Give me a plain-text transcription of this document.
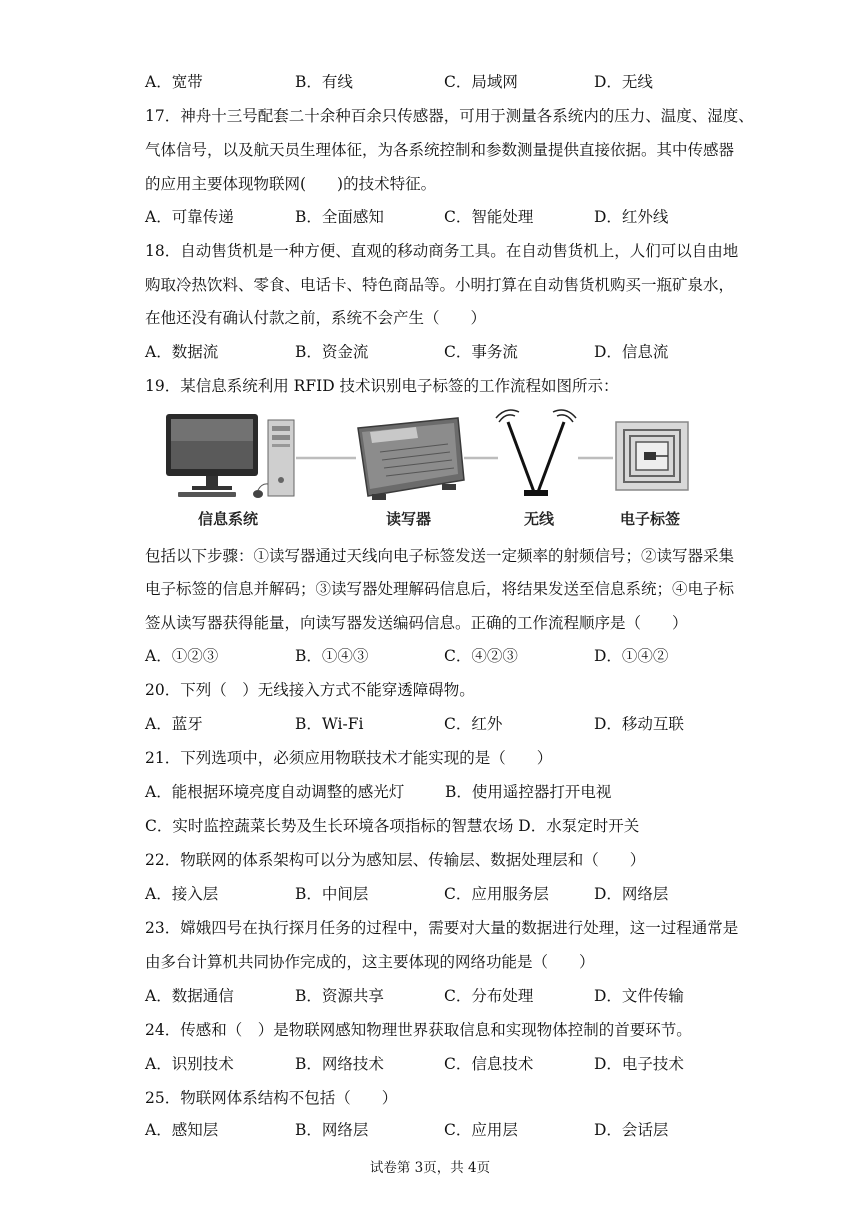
A．宽带	B．有线	C．局域网	D．无线
17．神舟十三号配套二十余种百余只传感器，可用于测量各系统内的压力、温度、湿度、
气体信号，以及航天员生理体征，为各系统控制和参数测量提供直接依据。其中传感器
的应用主要体现物联网(　　)的技术特征。
A．可靠传递	B．全面感知	C．智能处理	D．红外线
18．自动售货机是一种方便、直观的移动商务工具。在自动售货机上，人们可以自由地
购取冷热饮料、零食、电话卡、特色商品等。小明打算在自动售货机购买一瓶矿泉水，
在他还没有确认付款之前，系统不会产生（　　）
A．数据流	B．资金流	C．事务流	D．信息流
19．某信息系统利用 RFID 技术识别电子标签的工作流程如图所示：
信息系统	读写器	无线	电子标签
包括以下步骤：①读写器通过天线向电子标签发送一定频率的射频信号；②读写器采集
电子标签的信息并解码；③读写器处理解码信息后，将结果发送至信息系统；④电子标
签从读写器获得能量，向读写器发送编码信息。正确的工作流程顺序是（　　）
A．①②③	B．①④③	C．④②③	D．①④②
20．下列（　）无线接入方式不能穿透障碍物。
A．蓝牙	B．Wi-Fi	C．红外	D．移动互联
21．下列选项中，必须应用物联技术才能实现的是（　　）
A．能根据环境亮度自动调整的感光灯	B．使用遥控器打开电视
C．实时监控蔬菜长势及生长环境各项指标的智慧农场 D．水泵定时开关
22．物联网的体系架构可以分为感知层、传输层、数据处理层和（　　）
A．接入层	B．中间层	C．应用服务层	D．网络层
23．嫦娥四号在执行探月任务的过程中，需要对大量的数据进行处理，这一过程通常是
由多台计算机共同协作完成的，这主要体现的网络功能是（　　）
A．数据通信	B．资源共享	C．分布处理	D．文件传输
24．传感和（　）是物联网感知物理世界获取信息和实现物体控制的首要环节。
A．识别技术	B．网络技术	C．信息技术	D．电子技术
25．物联网体系结构不包括（　　）
试卷第 3页，共 4页
A．感知层	B．网络层	C．应用层	D．会话层
